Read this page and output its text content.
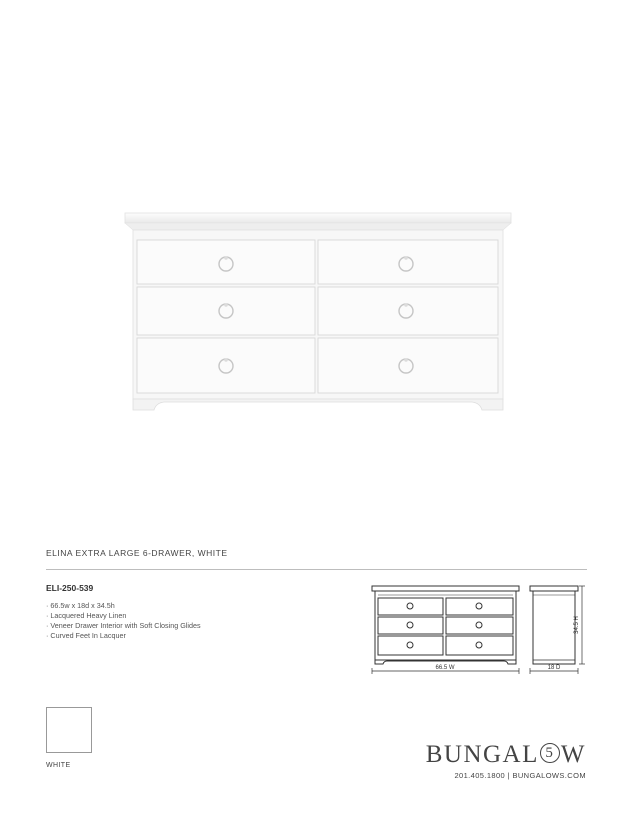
ELINA EXTRA LARGE 6-DRAWER, WHITE
ELI-250-539
· 66.5w x 18d x 34.5h
· Lacquered Heavy Linen
· Veneer Drawer Interior with Soft Closing Glides
· Curved Feet In Lacquer
66.5 W
34.5 H
18 D
WHITE	BUNGAL 5 W
201.405.1800 | BUNGALOWS.COM
